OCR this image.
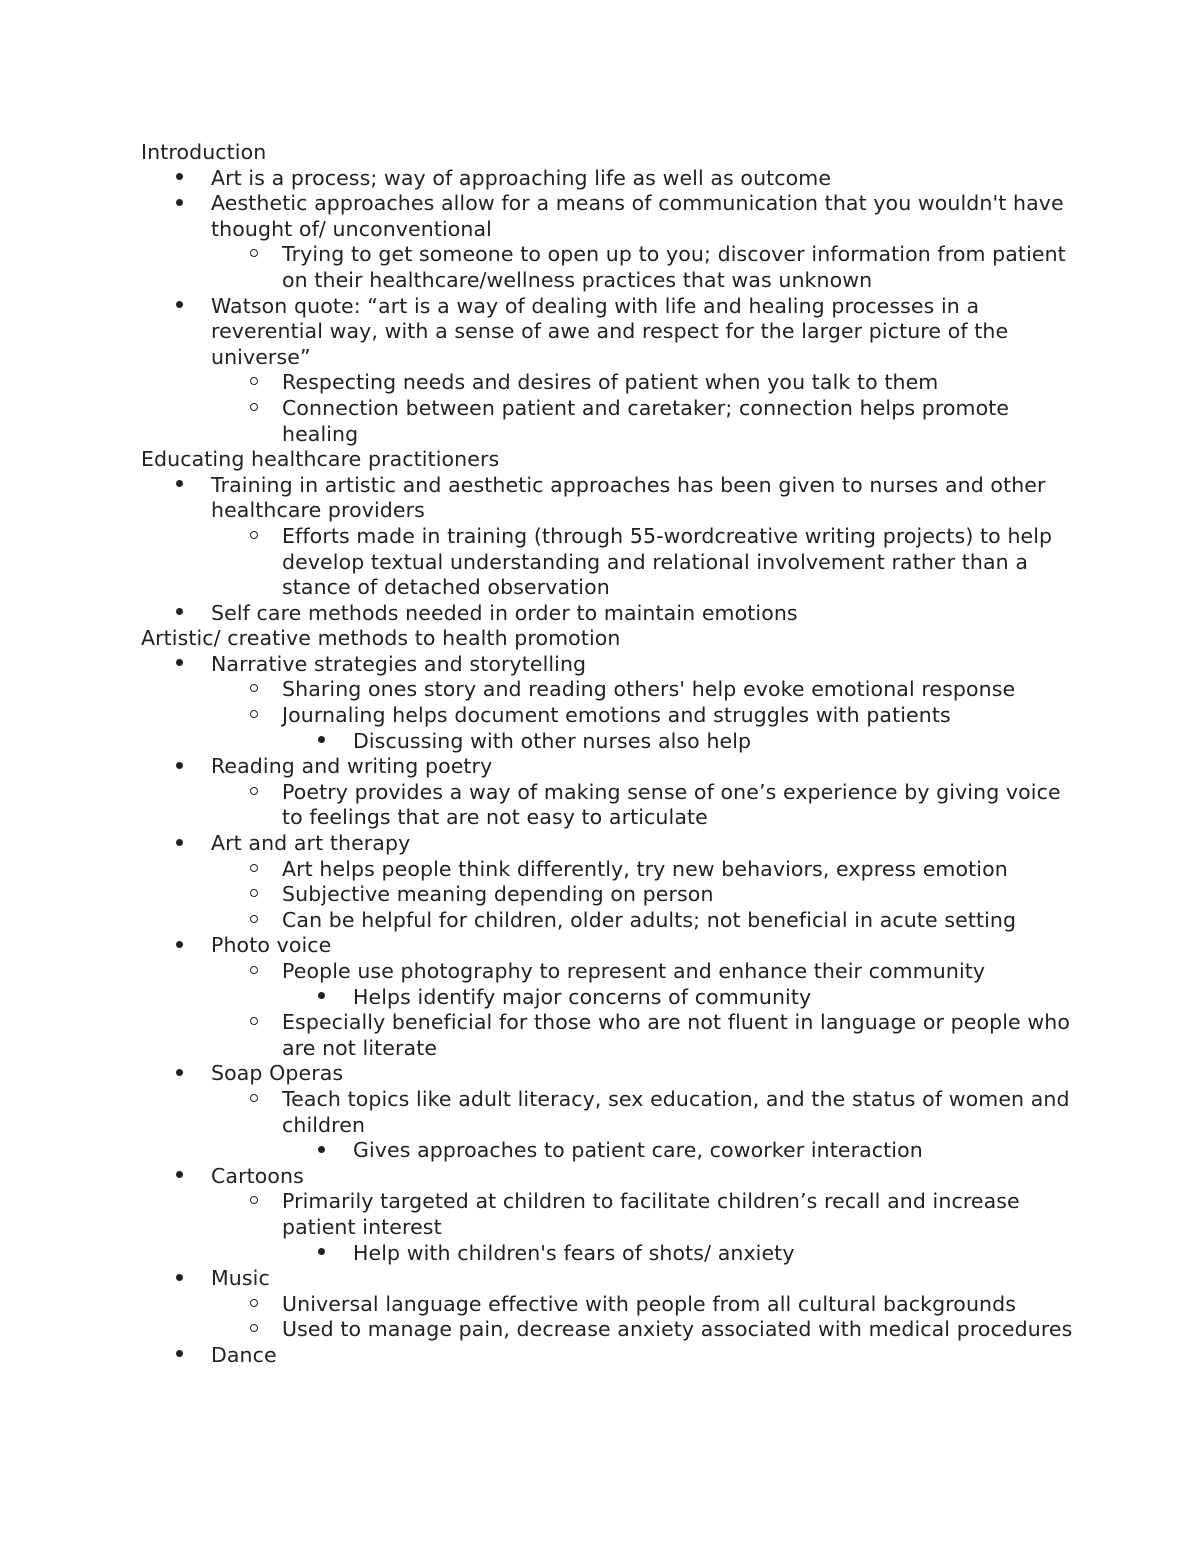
Introduction
Art is a process; way of approaching life as well as outcome
Aesthetic approaches allow for a means of communication that you wouldn't have thought of/ unconventional
Trying to get someone to open up to you; discover information from patient on their healthcare/wellness practices that was unknown
Watson quote: “art is a way of dealing with life and healing processes in a reverential way, with a sense of awe and respect for the larger picture of the universe”
Respecting needs and desires of patient when you talk to them
Connection between patient and caretaker; connection helps promote healing
Educating healthcare practitioners
Training in artistic and aesthetic approaches has been given to nurses and other healthcare providers
Efforts made in training (through 55-wordcreative writing projects) to help develop textual understanding and relational involvement rather than a stance of detached observation
Self care methods needed in order to maintain emotions
Artistic/ creative methods to health promotion
Narrative strategies and storytelling
Sharing ones story and reading others' help evoke emotional response
Journaling helps document emotions and struggles with patients
Discussing with other nurses also help
Reading and writing poetry
Poetry provides a way of making sense of one’s experience by giving voice to feelings that are not easy to articulate
Art and art therapy
Art helps people think differently, try new behaviors, express emotion
Subjective meaning depending on person
Can be helpful for children, older adults; not beneficial in acute setting
Photo voice
People use photography to represent and enhance their community
Helps identify major concerns of community
Especially beneficial for those who are not fluent in language or people who are not literate
Soap Operas
Teach topics like adult literacy, sex education, and the status of women and children
Gives approaches to patient care, coworker interaction
Cartoons
Primarily targeted at children to facilitate children’s recall and increase patient interest
Help with children's fears of shots/ anxiety
Music
Universal language effective with people from all cultural backgrounds
Used to manage pain, decrease anxiety associated with medical procedures
Dance
